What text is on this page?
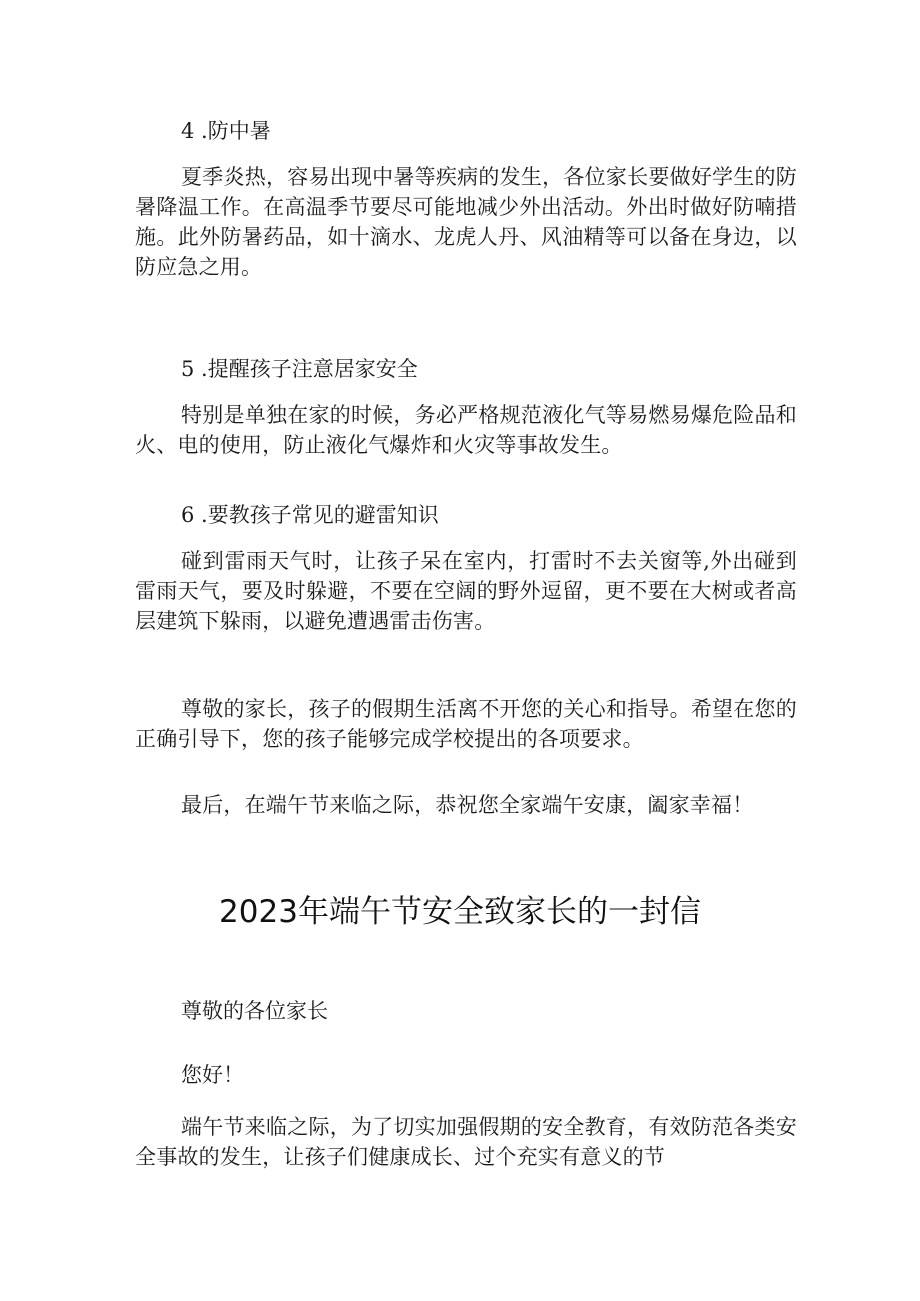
4 .防中暑

夏季炎热，容易出现中暑等疾病的发生，各位家长要做好学生的防暑降温工作。在高温季节要尽可能地减少外出活动。外出时做好防喃措施。此外防暑药品，如十滴水、龙虎人丹、风油精等可以备在身边，以防应急之用。

5 .提醒孩子注意居家安全

特别是单独在家的时候，务必严格规范液化气等易燃易爆危险品和火、电的使用，防止液化气爆炸和火灾等事故发生。

6 .要教孩子常见的避雷知识

碰到雷雨天气时，让孩子呆在室内，打雷时不去关窗等,外出碰到雷雨天气，要及时躲避，不要在空阔的野外逗留，更不要在大树或者高层建筑下躲雨，以避免遭遇雷击伤害。

尊敬的家长，孩子的假期生活离不开您的关心和指导。希望在您的正确引导下，您的孩子能够完成学校提出的各项要求。

最后，在端午节来临之际，恭祝您全家端午安康，阖家幸福！

2023年端午节安全致家长的一封信

尊敬的各位家长

您好！

端午节来临之际，为了切实加强假期的安全教育，有效防范各类安全事故的发生，让孩子们健康成长、过个充实有意义的节
